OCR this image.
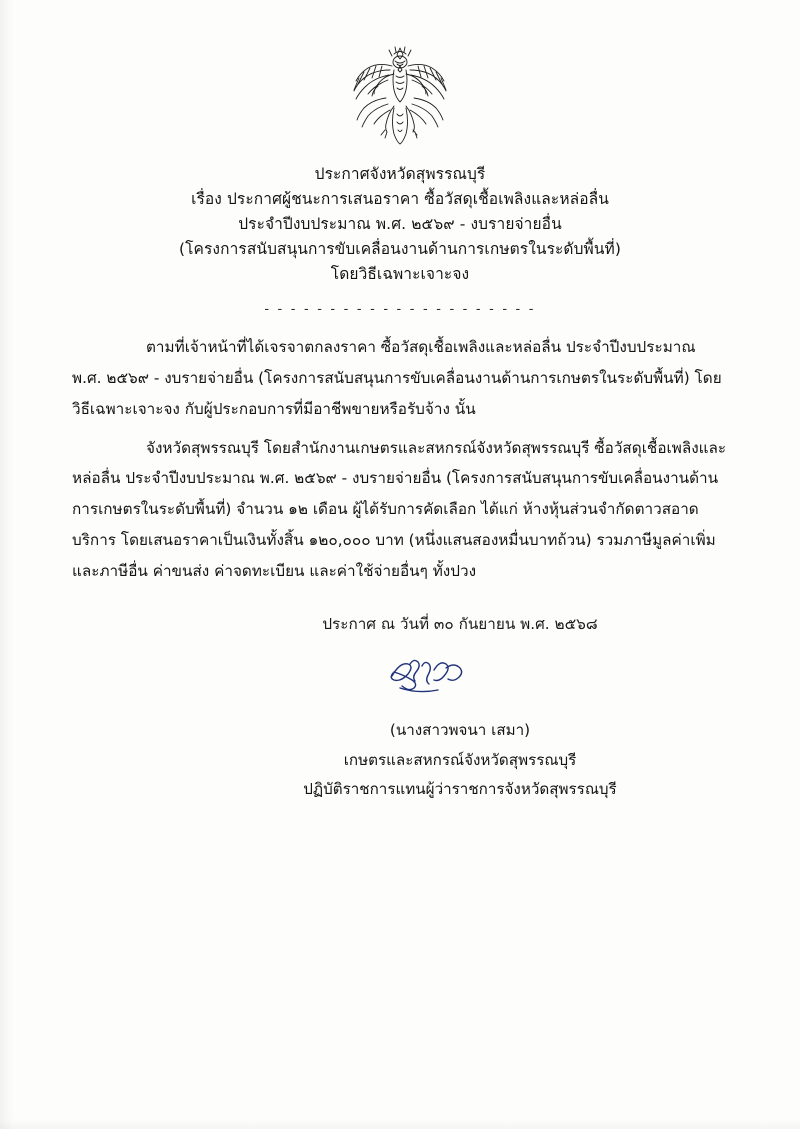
ประกาศจังหวัดสุพรรณบุรี
เรื่อง ประกาศผู้ชนะการเสนอราคา ซื้อวัสดุเชื้อเพลิงและหล่อลื่น
ประจำปีงบประมาณ พ.ศ. ๒๕๖๙ - งบรายจ่ายอื่น
(โครงการสนับสนุนการขับเคลื่อนงานด้านการเกษตรในระดับพื้นที่)
โดยวิธีเฉพาะเจาะจง
- - - - - - - - - - - - - - - - - - - - -

ตามที่เจ้าหน้าที่ได้เจรจาตกลงราคา ซื้อวัสดุเชื้อเพลิงและหล่อลื่น ประจำปีงบประมาณ พ.ศ. ๒๕๖๙ - งบรายจ่ายอื่น (โครงการสนับสนุนการขับเคลื่อนงานด้านการเกษตรในระดับพื้นที่) โดยวิธีเฉพาะเจาะจง กับผู้ประกอบการที่มีอาชีพขายหรือรับจ้าง นั้น

จังหวัดสุพรรณบุรี โดยสำนักงานเกษตรและสหกรณ์จังหวัดสุพรรณบุรี ซื้อวัสดุเชื้อเพลิงและหล่อลื่น ประจำปีงบประมาณ พ.ศ. ๒๕๖๙ - งบรายจ่ายอื่น (โครงการสนับสนุนการขับเคลื่อนงานด้านการเกษตรในระดับพื้นที่) จำนวน ๑๒ เดือน ผู้ได้รับการคัดเลือก ได้แก่ ห้างหุ้นส่วนจำกัดตาวสอาดบริการ โดยเสนอราคาเป็นเงินทั้งสิ้น ๑๒๐,๐๐๐ บาท (หนึ่งแสนสองหมื่นบาทถ้วน) รวมภาษีมูลค่าเพิ่มและภาษีอื่น ค่าขนส่ง ค่าจดทะเบียน และค่าใช้จ่ายอื่นๆ ทั้งปวง

ประกาศ ณ วันที่ ๓๐ กันยายน พ.ศ. ๒๕๖๘
(นางสาวพจนา เสมา)
เกษตรและสหกรณ์จังหวัดสุพรรณบุรี
ปฏิบัติราชการแทนผู้ว่าราชการจังหวัดสุพรรณบุรี
